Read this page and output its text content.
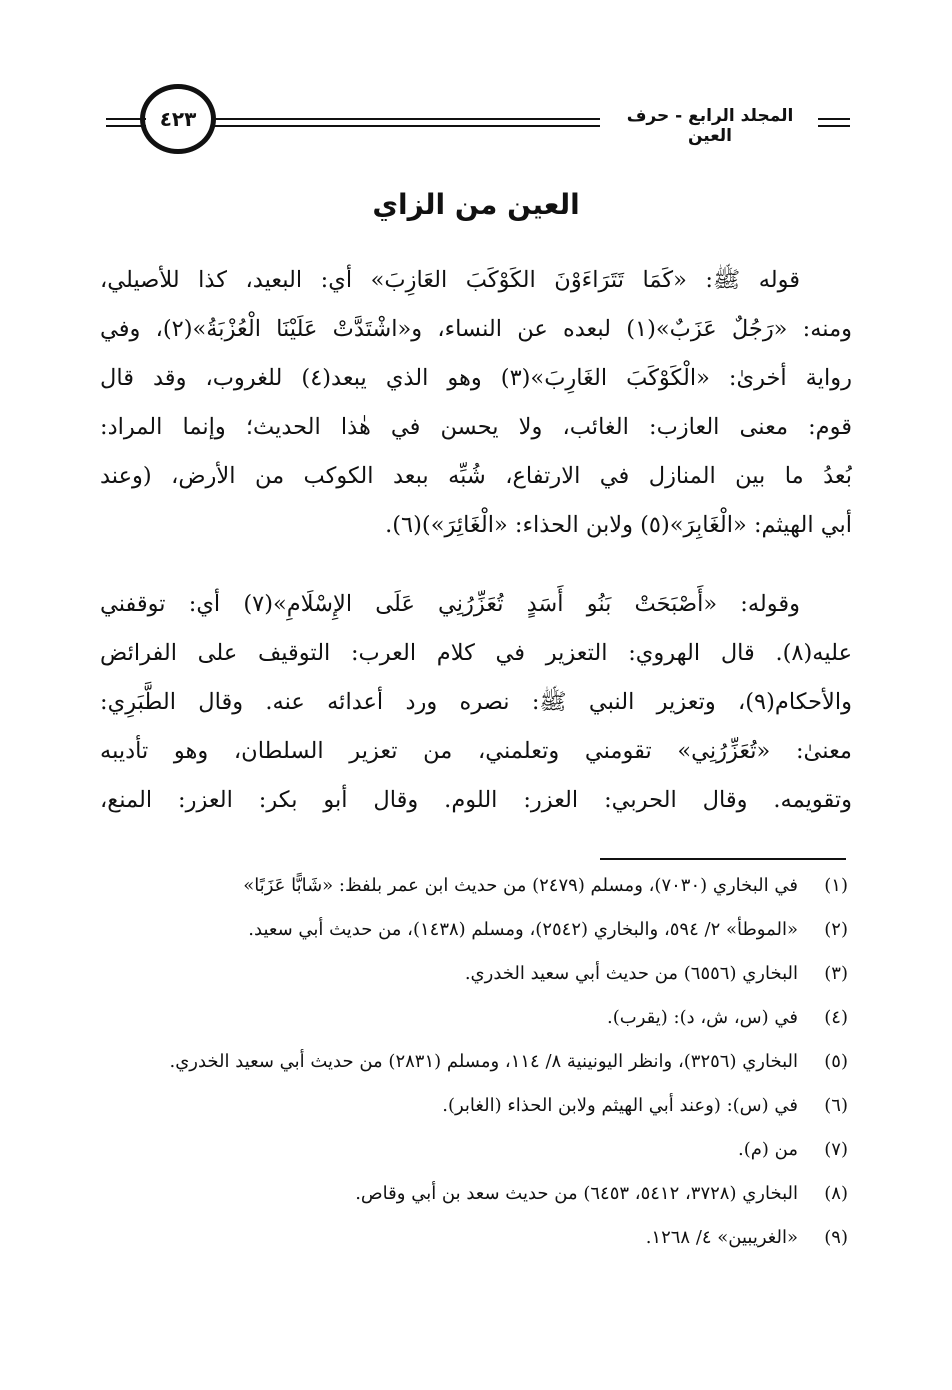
٤٢٣	المجلد الرابع - حرف العين
العين من الزاي
قوله ﷺ: «كَمَا تَتَرَاءَوْنَ الكَوْكَبَ العَازِبَ» أي: البعيد، كذا للأصيلي،
ومنه: «رَجُلٌ عَزَبٌ»(١) لبعده عن النساء، و«اشْتَدَّتْ عَلَيْنَا الْعُزْبَةُ»(٢)، وفي
رواية أخرىٰ: «الْكَوْكَبَ الغَارِبَ»(٣) وهو الذي يبعد(٤) للغروب، وقد قال
قوم: معنى العازب: الغائب، ولا يحسن في هٰذا الحديث؛ وإنما المراد:
بُعدُ ما بين المنازل في الارتفاع، شُبِّه ببعد الكوكب من الأرض، (وعند
أبي الهيثم: «الْغَابِرَ»(٥) ولابن الحذاء: «الْغَائِرَ»)(٦).
وقوله: «أَصْبَحَتْ بَنُو أَسَدٍ تُعَزِّرُنِي عَلَى الإِسْلَامِ»(٧) أي: توقفني
عليه(٨). قال الهروي: التعزير في كلام العرب: التوقيف على الفرائض
والأحكام(٩)، وتعزير النبي ﷺ: نصره ورد أعدائه عنه. وقال الطَّبَرِي:
معنىٰ: «تُعَزِّرُنِي» تقومني وتعلمني، من تعزير السلطان، وهو تأديبه
وتقويمه. وقال الحربي: العزر: اللوم. وقال أبو بكر: العزر: المنع،
(١)
في البخاري (٧٠٣٠)، ومسلم (٢٤٧٩) من حديث ابن عمر بلفظ: «شَابًّا عَزَبًا»
(٢)
«الموطأ» ٢/ ٥٩٤، والبخاري (٢٥٤٢)، ومسلم (١٤٣٨)، من حديث أبي سعيد.
(٣)
البخاري (٦٥٥٦) من حديث أبي سعيد الخدري.
(٤)
في (س، ش، د): (يقرب).
(٥)
البخاري (٣٢٥٦)، وانظر اليونينية ٨/ ١١٤، ومسلم (٢٨٣١) من حديث أبي سعيد الخدري.
(٦)
في (س): (وعند أبي الهيثم ولابن الحذاء (الغابر).
(٧)
من (م).
(٨)
البخاري (٣٧٢٨، ٥٤١٢، ٦٤٥٣) من حديث سعد بن أبي وقاص.
(٩)
«الغريبين» ٤/ ١٢٦٨.
